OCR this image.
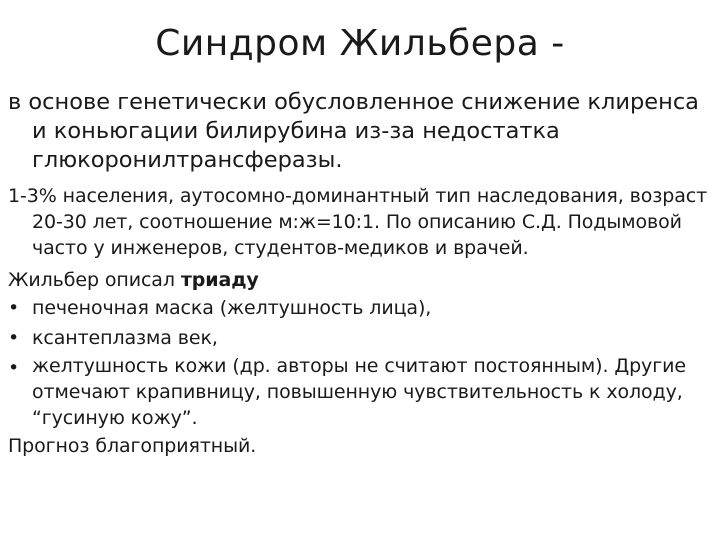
Синдром Жильбера -

в основе генетически обусловленное снижение клиренса и коньюгации билирубина из-за недостатка глюкоронилтрансферазы.

1-3% населения, аутосомно-доминантный тип наследования, возраст 20-30 лет, соотношение м:ж=10:1. По описанию С.Д. Подымовой часто у инженеров, студентов-медиков и врачей.

Жильбер описал триаду

• печеночная маска (желтушность лица),
• ксантеплазма век,
• желтушность кожи (др. авторы не считают постоянным). Другие отмечают крапивницу, повышенную чувствительность к холоду, “гусиную кожу”.

Прогноз благоприятный.
